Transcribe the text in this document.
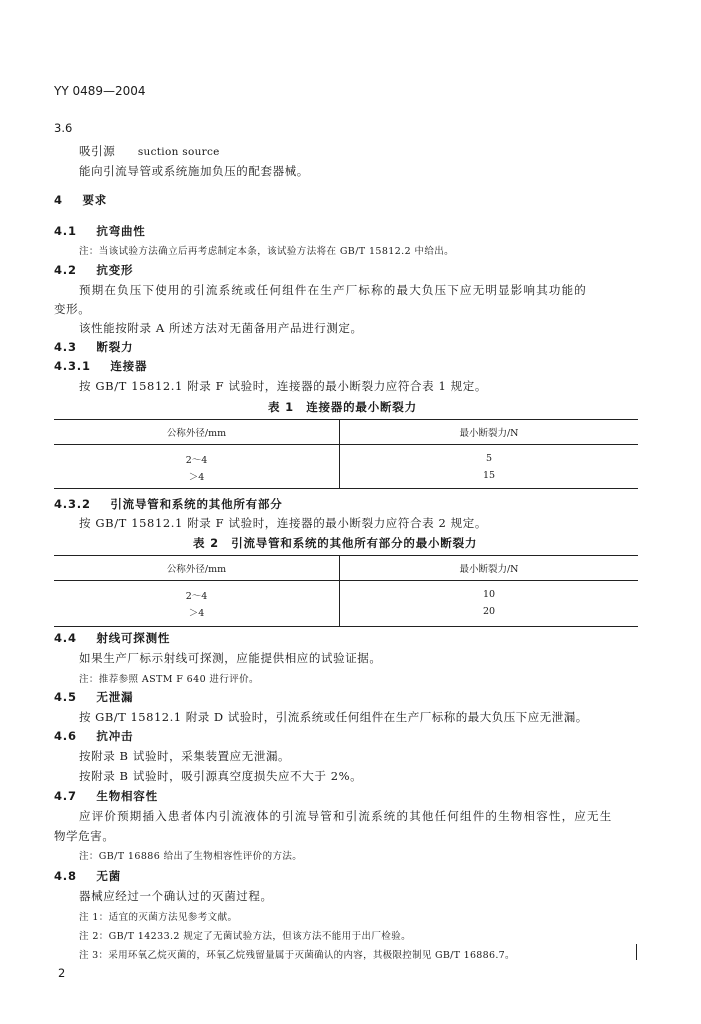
YY 0489—2004
3.6
吸引源 suction source
能向引流导管或系统施加负压的配套器械。
4 要求
4.1 抗弯曲性
注：当该试验方法确立后再考虑制定本条，该试验方法将在 GB/T 15812.2 中给出。
4.2 抗变形
预期在负压下使用的引流系统或任何组件在生产厂标称的最大负压下应无明显影响其功能的
变形。
该性能按附录 A 所述方法对无菌备用产品进行测定。
4.3 断裂力
4.3.1 连接器
按 GB/T 15812.1 附录 F 试验时，连接器的最小断裂力应符合表 1 规定。
表 1　连接器的最小断裂力
公称外径/mm	最小断裂力/N
2～4	5
＞4	15
4.3.2 引流导管和系统的其他所有部分
按 GB/T 15812.1 附录 F 试验时，连接器的最小断裂力应符合表 2 规定。
表 2　引流导管和系统的其他所有部分的最小断裂力
公称外径/mm	最小断裂力/N
2～4	10
＞4	20
4.4 射线可探测性
如果生产厂标示射线可探测，应能提供相应的试验证据。
注：推荐参照 ASTM F 640 进行评价。
4.5 无泄漏
按 GB/T 15812.1 附录 D 试验时，引流系统或任何组件在生产厂标称的最大负压下应无泄漏。
4.6 抗冲击
按附录 B 试验时，采集装置应无泄漏。
按附录 B 试验时，吸引源真空度损失应不大于 2%。
4.7 生物相容性
应评价预期插入患者体内引流液体的引流导管和引流系统的其他任何组件的生物相容性，应无生
物学危害。
注：GB/T 16886 给出了生物相容性评价的方法。
4.8 无菌
器械应经过一个确认过的灭菌过程。
注 1：适宜的灭菌方法见参考文献。
注 2：GB/T 14233.2 规定了无菌试验方法，但该方法不能用于出厂检验。
注 3：采用环氧乙烷灭菌的，环氧乙烷残留量属于灭菌确认的内容，其极限控制见 GB/T 16886.7。
2
